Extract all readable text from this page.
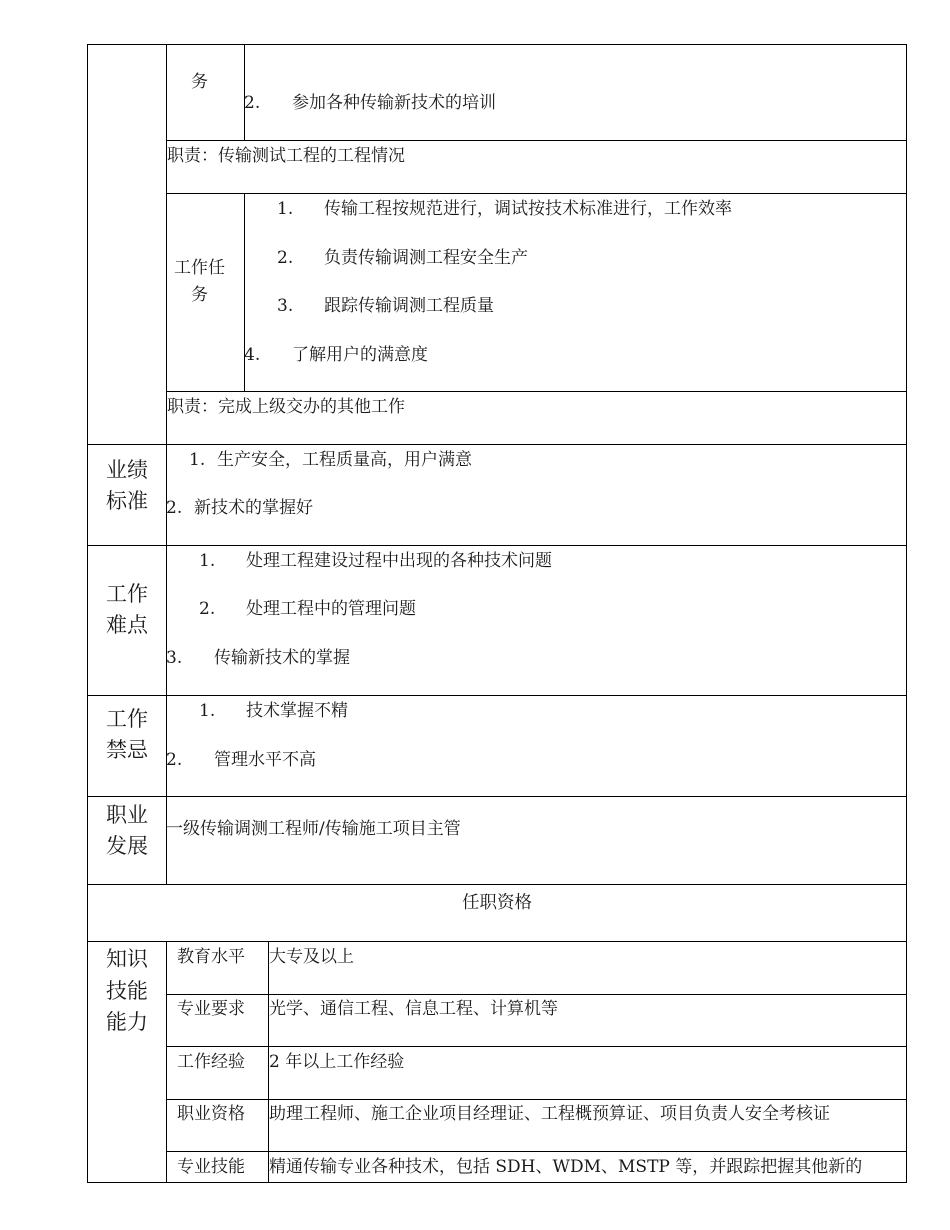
务
2. 参加各种传输新技术的培训
职责：传输测试工程的工程情况
工作任
务
1. 传输工程按规范进行，调试按技术标准进行，工作效率
2. 负责传输调测工程安全生产
3. 跟踪传输调测工程质量
4. 了解用户的满意度
职责：完成上级交办的其他工作
业绩
标准
1. 生产安全，工程质量高，用户满意
2. 新技术的掌握好
工作
难点
1. 处理工程建设过程中出现的各种技术问题
2. 处理工程中的管理问题
3. 传输新技术的掌握
工作
禁忌
1. 技术掌握不精
2. 管理水平不高
职业
发展
一级传输调测工程师/传输施工项目主管
任职资格
知识
技能
能力
教育水平 大专及以上
专业要求 光学、通信工程、信息工程、计算机等
工作经验 2 年以上工作经验
职业资格 助理工程师、施工企业项目经理证、工程概预算证、项目负责人安全考核证
专业技能 精通传输专业各种技术，包括 SDH、WDM、MSTP 等，并跟踪把握其他新的
